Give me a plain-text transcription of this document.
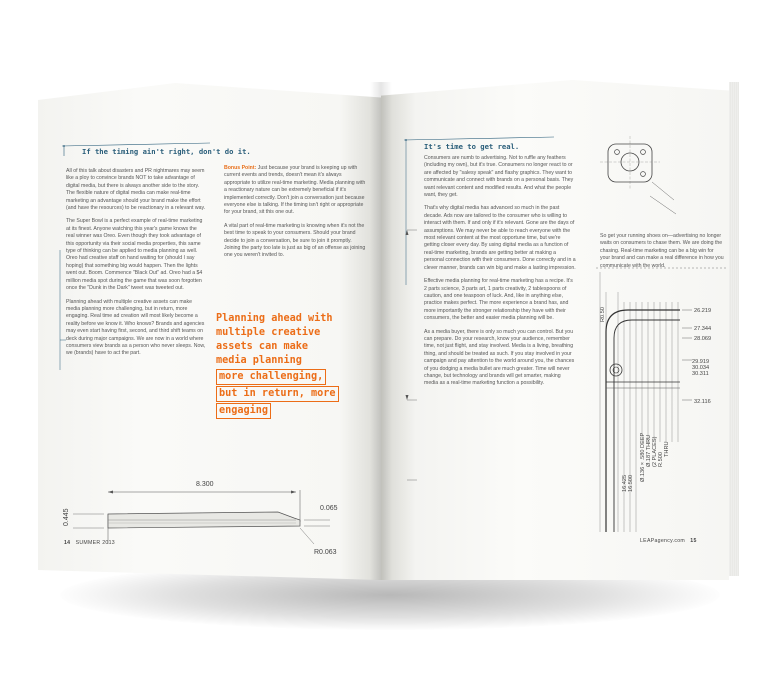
If the timing ain't right, don't do it.

All of this talk about disasters and PR nightmares may seem like a ploy to convince brands NOT to take advantage of digital media, but there is always another side to the story. The flexible nature of digital media can make real-time marketing an advantage should your brand make the effort (and have the resources) to be reactionary in a relevant way.

The Super Bowl is a perfect example of real-time marketing at its finest. Anyone watching this year's game knows the real winner was Oreo. Even though they took advantage of this opportunity via their social media properties, this same type of thinking can be applied to media planning as well. Oreo had creative staff on hand waiting for (should I say hoping) that something big would happen. Then the lights went out. Boom. Commence "Black Out" ad. Oreo had a $4 million media spot during the game that was soon forgotten once the "Dunk in the Dark" tweet was tweeted out.

Planning ahead with multiple creative assets can make media planning more challenging, but in return, more engaging. Real time ad creation will most likely become a reality before we know it. Who knows? Brands and agencies may even start having first, second, and third shift teams on deck during major campaigns. We are now in a world where consumers view brands as a person who never sleeps. Now, we (brands) have to act the part.

Bonus Point: Just because your brand is keeping up with current events and trends, doesn't mean it's always appropriate to utilize real-time marketing. Media planning with a reactionary nature can be extremely beneficial if it's implemented correctly. Don't join a conversation just because everyone else is talking. If the timing isn't right or appropriate for your brand, sit this one out.

A vital part of real-time marketing is knowing when it's not the best time to speak to your consumers. Should your brand decide to join a conversation, be sure to join it promptly. Joining the party too late is just as big of an offense as joining one you weren't invited to.

Planning ahead with
multiple creative
assets can make
media planning
more challenging,
but in return, more
engaging
8.300
0.445	0.065
R0.063
14 SUMMER 2013
It's time to get real.

Consumers are numb to advertising. Not to ruffle any feathers (including my own), but it's true. Consumers no longer react to or are affected by "salesy speak" and flashy graphics. They want to communicate and connect with brands on a personal basis. They want relevant content and modified results. And what the people want, they get.

That's why digital media has advanced so much in the past decade. Ads now are tailored to the consumer who is willing to interact with them. If and only if it's relevant. Gone are the days of assumptions. We may never be able to reach everyone with the most relevant content at the most opportune time, but we're getting closer every day. By using digital media as a function of real-time marketing, brands are getting better at making a personal connection with their consumers. Done correctly and in a clever manner, brands can win big and make a lasting impression.

Effective media planning for real-time marketing has a recipe. It's 2 parts science, 3 parts art, 1 parts creativity, 2 tablespoons of caution, and one teaspoon of luck. And, like in anything else, practice makes perfect. The more experience a brand has, and more importantly the stronger relationship they have with their consumers, the better and easier media planning will be.

As a media buyer, there is only so much you can control. But you can prepare. Do your research, know your audience, remember time, not just flight, and stay involved. Media is a living, breathing thing, and should be treated as such. If you stay involved in your campaign and pay attention to the world around you, the chances of you dodging a media bullet are much greater. Time will never change, but technology and brands will get smarter, making media as a real-time marketing function a possibility.

So get your running shoes on—advertising no longer waits on consumers to chase them. We are doing the chasing. Real-time marketing can be a big win for your brand and can make a real difference in how you communicate with the world.
26.219
27.344
28.069
29.919
30.034
30.311
32.116
R0.50
16.425 16.500
Ø.136 × .580 DEEP Ø.187 THRU (2 PLACES) R.500
THRU
LEAPagency.com 15
